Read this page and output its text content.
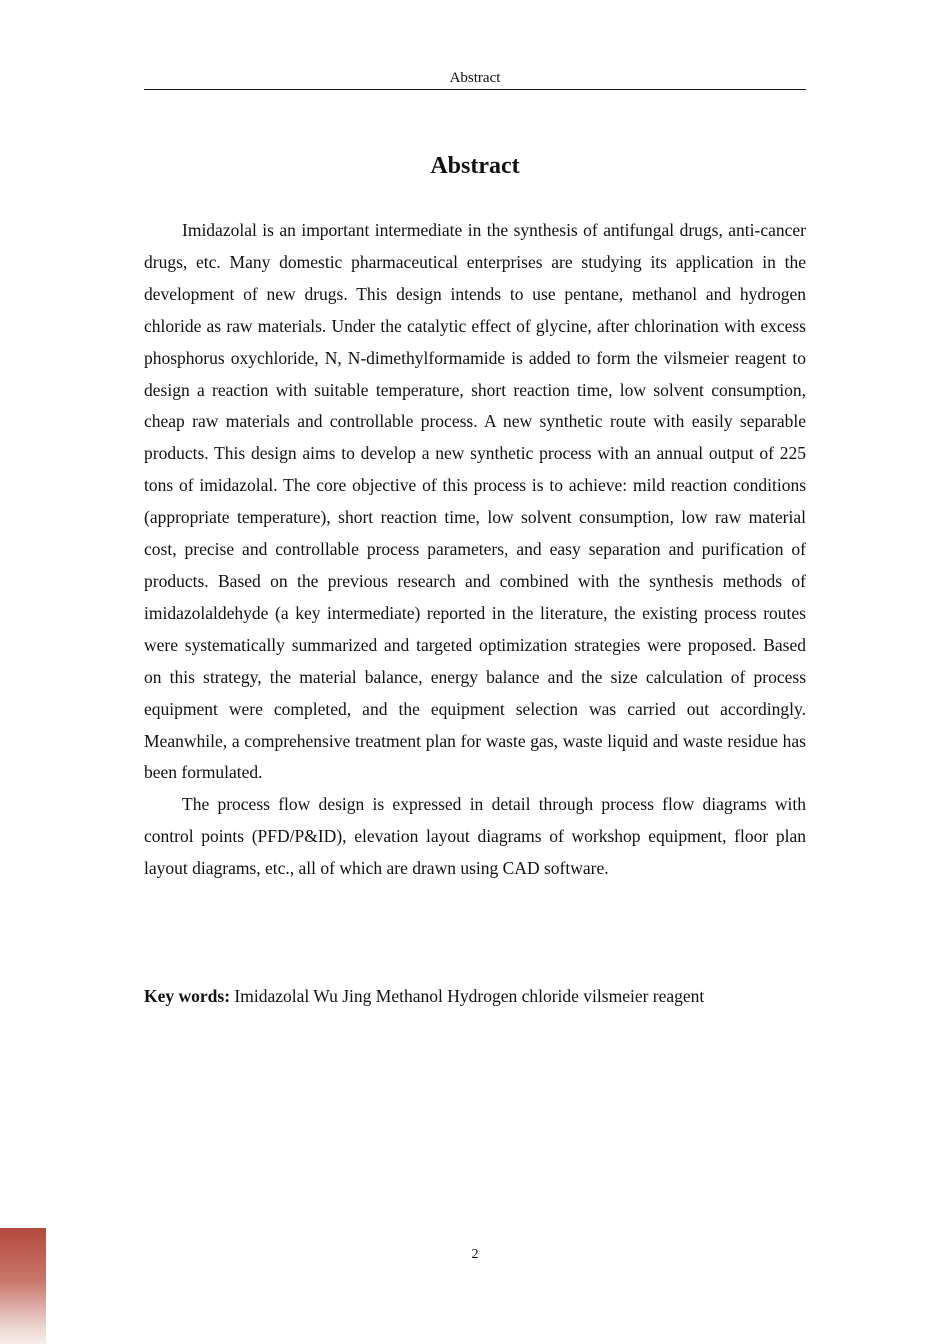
Abstract
Abstract

Imidazolal is an important intermediate in the synthesis of antifungal drugs, anti-cancer drugs, etc. Many domestic pharmaceutical enterprises are studying its application in the development of new drugs. This design intends to use pentane, methanol and hydrogen chloride as raw materials. Under the catalytic effect of glycine, after chlorination with excess phosphorus oxychloride, N, N-dimethylformamide is added to form the vilsmeier reagent to design a reaction with suitable temperature, short reaction time, low solvent consumption, cheap raw materials and controllable process. A new synthetic route with easily separable products. This design aims to develop a new synthetic process with an annual output of 225 tons of imidazolal. The core objective of this process is to achieve: mild reaction conditions (appropriate temperature), short reaction time, low solvent consumption, low raw material cost, precise and controllable process parameters, and easy separation and purification of products. Based on the previous research and combined with the synthesis methods of imidazolaldehyde (a key intermediate) reported in the literature, the existing process routes were systematically summarized and targeted optimization strategies were proposed. Based on this strategy, the material balance, energy balance and the size calculation of process equipment were completed, and the equipment selection was carried out accordingly. Meanwhile, a comprehensive treatment plan for waste gas, waste liquid and waste residue has been formulated.

The process flow design is expressed in detail through process flow diagrams with control points (PFD/P&ID), elevation layout diagrams of workshop equipment, floor plan layout diagrams, etc., all of which are drawn using CAD software.

Key words: Imidazolal Wu Jing Methanol Hydrogen chloride vilsmeier reagent
2
